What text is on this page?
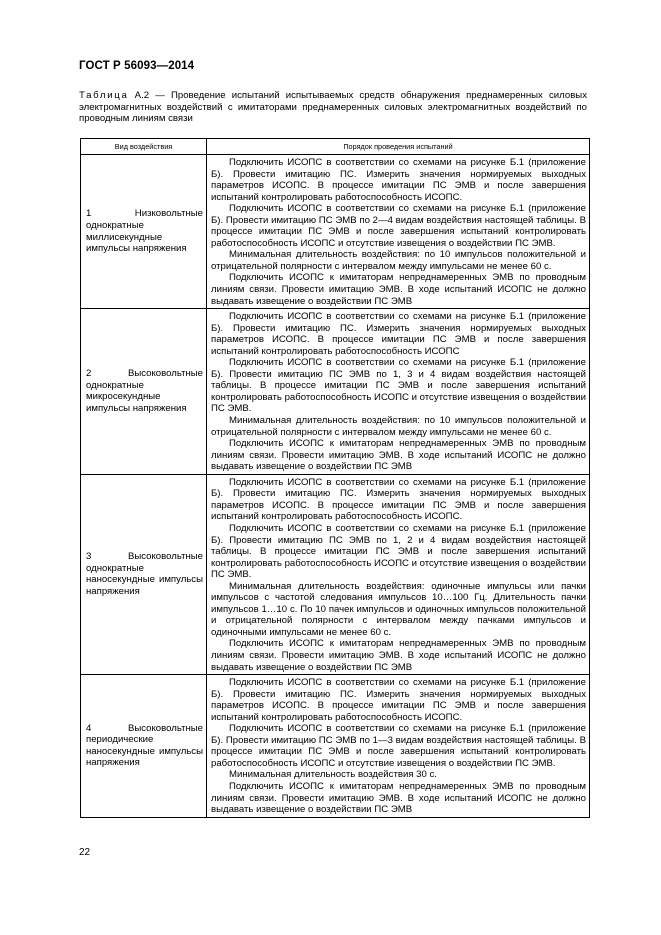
ГОСТ Р 56093—2014
Таблица А.2 — Проведение испытаний испытываемых средств обнаружения преднамеренных силовых электромагнитных воздействий с имитаторами преднамеренных силовых электромагнитных воздействий по проводным линиям связи
Вид воздействия	Порядок проведения испытаний
1 Низковольтные однократные миллисекундные импульсы напряжения	Подключить ИСОПС в соответствии со схемами на рисунке Б.1 (приложение Б). Провести имитацию ПС. Измерить значения нормируемых выходных параметров ИСОПС. В процессе имитации ПС ЭМВ и после завершения испытаний контролировать работоспособность ИСОПС.

Подключить ИСОПС в соответствии со схемами на рисунке Б.1 (приложение Б). Провести имитацию ПС ЭМВ по 2—4 видам воздействия настоящей таблицы. В процессе имитации ПС ЭМВ и после завершения испытаний контролировать работоспособность ИСОПС и отсутствие извещения о воздействии ПС ЭМВ.

Минимальная длительность воздействия: по 10 импульсов положительной и отрицательной полярности с интервалом между импульсами не менее 60 с.

Подключить ИСОПС к имитаторам непреднамеренных ЭМВ по проводным линиям связи. Провести имитацию ЭМВ. В ходе испытаний ИСОПС не должно выдавать извещение о воздействии ПС ЭМВ

2 Высоковольтные однократные микросекундные импульсы напряжения	Подключить ИСОПС в соответствии со схемами на рисунке Б.1 (приложение Б). Провести имитацию ПС. Измерить значения нормируемых выходных параметров ИСОПС. В процессе имитации ПС ЭМВ и после завершения испытаний контролировать работоспособность ИСОПС

Подключить ИСОПС в соответствии со схемами на рисунке Б.1 (приложение Б). Провести имитацию ПС ЭМВ по 1, 3 и 4 видам воздействия настоящей таблицы. В процессе имитации ПС ЭМВ и после завершения испытаний контролировать работоспособность ИСОПС и отсутствие извещения о воздействии ПС ЭМВ.

Минимальная длительность воздействия: по 10 импульсов положительной и отрицательной полярности с интервалом между импульсами не менее 60 с.

Подключить ИСОПС к имитаторам непреднамеренных ЭМВ по проводным линиям связи. Провести имитацию ЭМВ. В ходе испытаний ИСОПС не должно выдавать извещение о воздействии ПС ЭМВ

3 Высоковольтные однократные наносекундные импульсы напряжения	Подключить ИСОПС в соответствии со схемами на рисунке Б.1 (приложение Б). Провести имитацию ПС. Измерить значения нормируемых выходных параметров ИСОПС. В процессе имитации ПС ЭМВ и после завершения испытаний контролировать работоспособность ИСОПС.

Подключить ИСОПС в соответствии со схемами на рисунке Б.1 (приложение Б). Провести имитацию ПС ЭМВ по 1, 2 и 4 видам воздействия настоящей таблицы. В процессе имитации ПС ЭМВ и после завершения испытаний контролировать работоспособность ИСОПС и отсутствие извещения о воздействии ПС ЭМВ.

Минимальная длительность воздействия: одиночные импульсы или пачки импульсов с частотой следования импульсов 10…100 Гц. Длительность пачки импульсов 1…10 с. По 10 пачек импульсов и одиночных импульсов положительной и отрицательной полярности с интервалом между пачками импульсов и одиночными импульсами не менее 60 с.

Подключить ИСОПС к имитаторам непреднамеренных ЭМВ по проводным линиям связи. Провести имитацию ЭМВ. В ходе испытаний ИСОПС не должно выдавать извещение о воздействии ПС ЭМВ

4 Высоковольтные периодические наносекундные импульсы напряжения	Подключить ИСОПС в соответствии со схемами на рисунке Б.1 (приложение Б). Провести имитацию ПС. Измерить значения нормируемых выходных параметров ИСОПС. В процессе имитации ПС ЭМВ и после завершения испытаний контролировать работоспособность ИСОПС.

Подключить ИСОПС в соответствии со схемами на рисунке Б.1 (приложение Б). Провести имитацию ПС ЭМВ по 1—3 видам воздействия настоящей таблицы. В процессе имитации ПС ЭМВ и после завершения испытаний контролировать работоспособность ИСОПС и отсутствие извещения о воздействии ПС ЭМВ.

Минимальная длительность воздействия 30 с.

Подключить ИСОПС к имитаторам непреднамеренных ЭМВ по проводным линиям связи. Провести имитацию ЭМВ. В ходе испытаний ИСОПС не должно выдавать извещение о воздействии ПС ЭМВ

22
